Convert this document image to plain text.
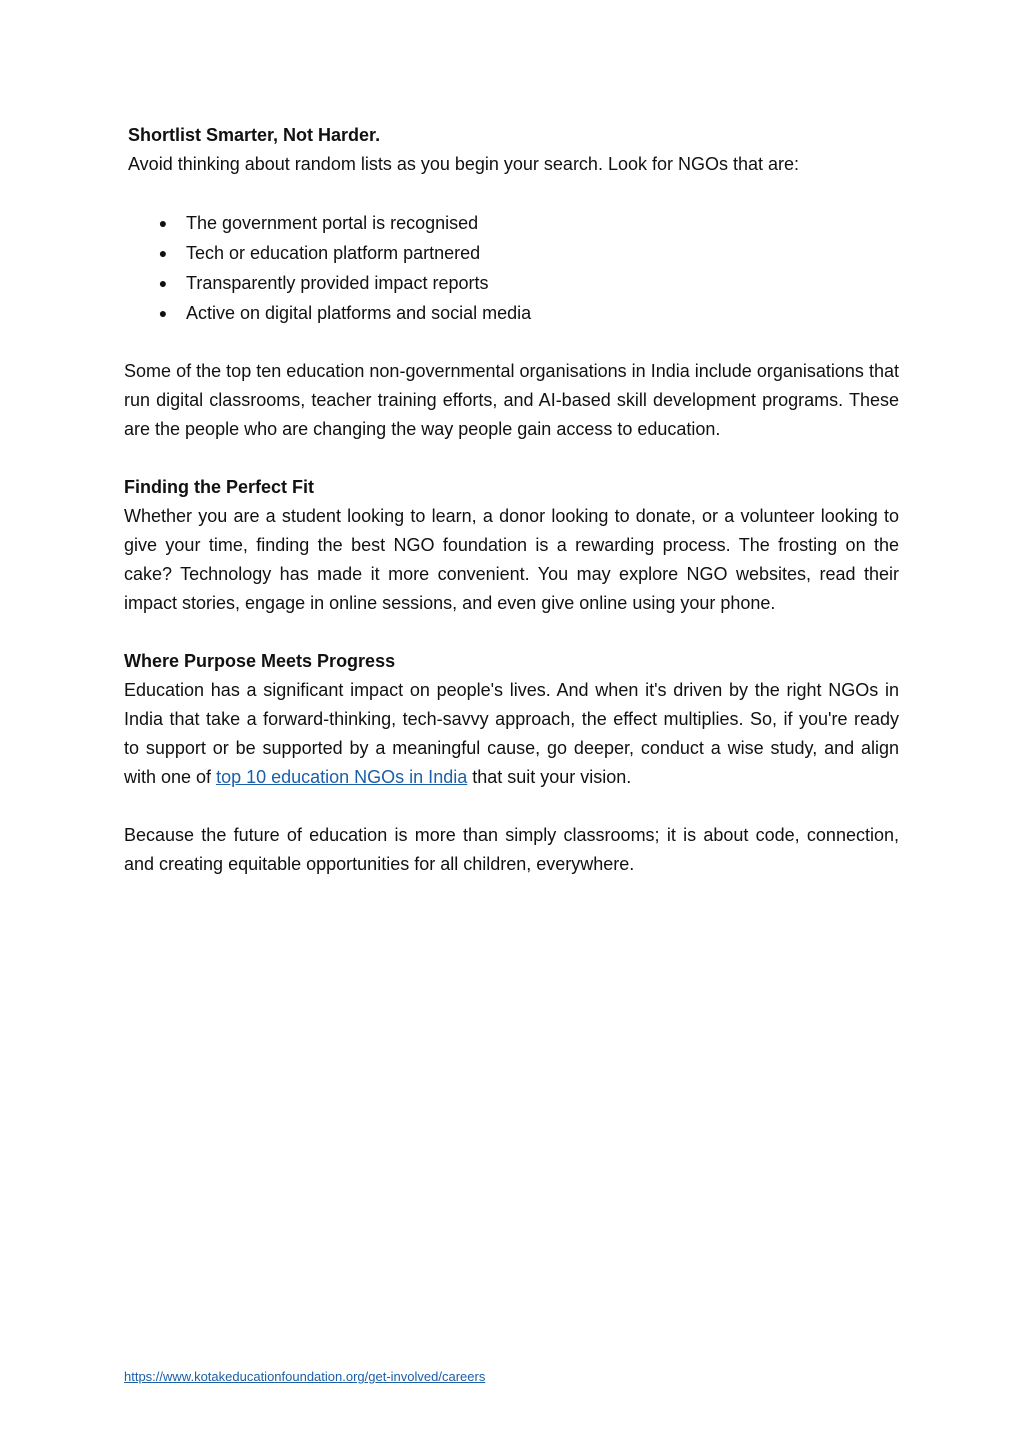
Shortlist Smarter, Not Harder.

Avoid thinking about random lists as you begin your search. Look for NGOs that are:

● The government portal is recognised
● Tech or education platform partnered
● Transparently provided impact reports
● Active on digital platforms and social media

Some of the top ten education non-governmental organisations in India include organisations that run digital classrooms, teacher training efforts, and AI-based skill development programs. These are the people who are changing the way people gain access to education.

Finding the Perfect Fit

Whether you are a student looking to learn, a donor looking to donate, or a volunteer looking to give your time, finding the best NGO foundation is a rewarding process. The frosting on the cake? Technology has made it more convenient. You may explore NGO websites, read their impact stories, engage in online sessions, and even give online using your phone.

Where Purpose Meets Progress

Education has a significant impact on people's lives. And when it's driven by the right NGOs in India that take a forward-thinking, tech-savvy approach, the effect multiplies. So, if you're ready to support or be supported by a meaningful cause, go deeper, conduct a wise study, and align with one of top 10 education NGOs in India that suit your vision.

Because the future of education is more than simply classrooms; it is about code, connection, and creating equitable opportunities for all children, everywhere.

https://www.kotakeducationfoundation.org/get-involved/careers
